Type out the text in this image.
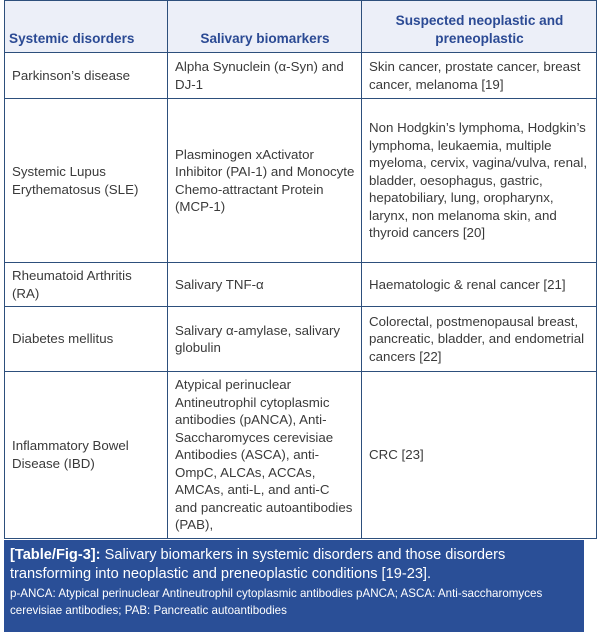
Systemic disorders	Salivary biomarkers	Suspected neoplastic and preneoplastic
Parkinson’s disease	Alpha Synuclein (α-Syn) and DJ-1	Skin cancer, prostate cancer, breast cancer, melanoma [19]
Systemic Lupus Erythematosus (SLE)	Plasminogen xActivator Inhibitor (PAI-1) and Monocyte Chemo-attractant Protein (MCP-1)	Non Hodgkin’s lymphoma, Hodgkin’s lymphoma, leukaemia, multiple myeloma, cervix, vagina/vulva, renal, bladder, oesophagus, gastric, hepatobiliary, lung, oropharynx, larynx, non melanoma skin, and thyroid cancers [20]
Rheumatoid Arthritis (RA)	Salivary TNF-α	Haematologic & renal cancer [21]
Diabetes mellitus	Salivary α-amylase, salivary globulin	Colorectal, postmenopausal breast, pancreatic, bladder, and endometrial cancers [22]
Inflammatory Bowel Disease (IBD)	Atypical perinuclear Antineutrophil cytoplasmic antibodies (pANCA), Anti-Saccharomyces cerevisiae Antibodies (ASCA), anti-OmpC, ALCAs, ACCAs, AMCAs, anti-L, and anti-C and pancreatic autoantibodies (PAB),	CRC [23]
[Table/Fig-3]: Salivary biomarkers in systemic disorders and those disorders transforming into neoplastic and preneoplastic conditions [19-23].
p-ANCA: Atypical perinuclear Antineutrophil cytoplasmic antibodies pANCA; ASCA: Anti-saccharomyces cerevisiae antibodies; PAB: Pancreatic autoantibodies
